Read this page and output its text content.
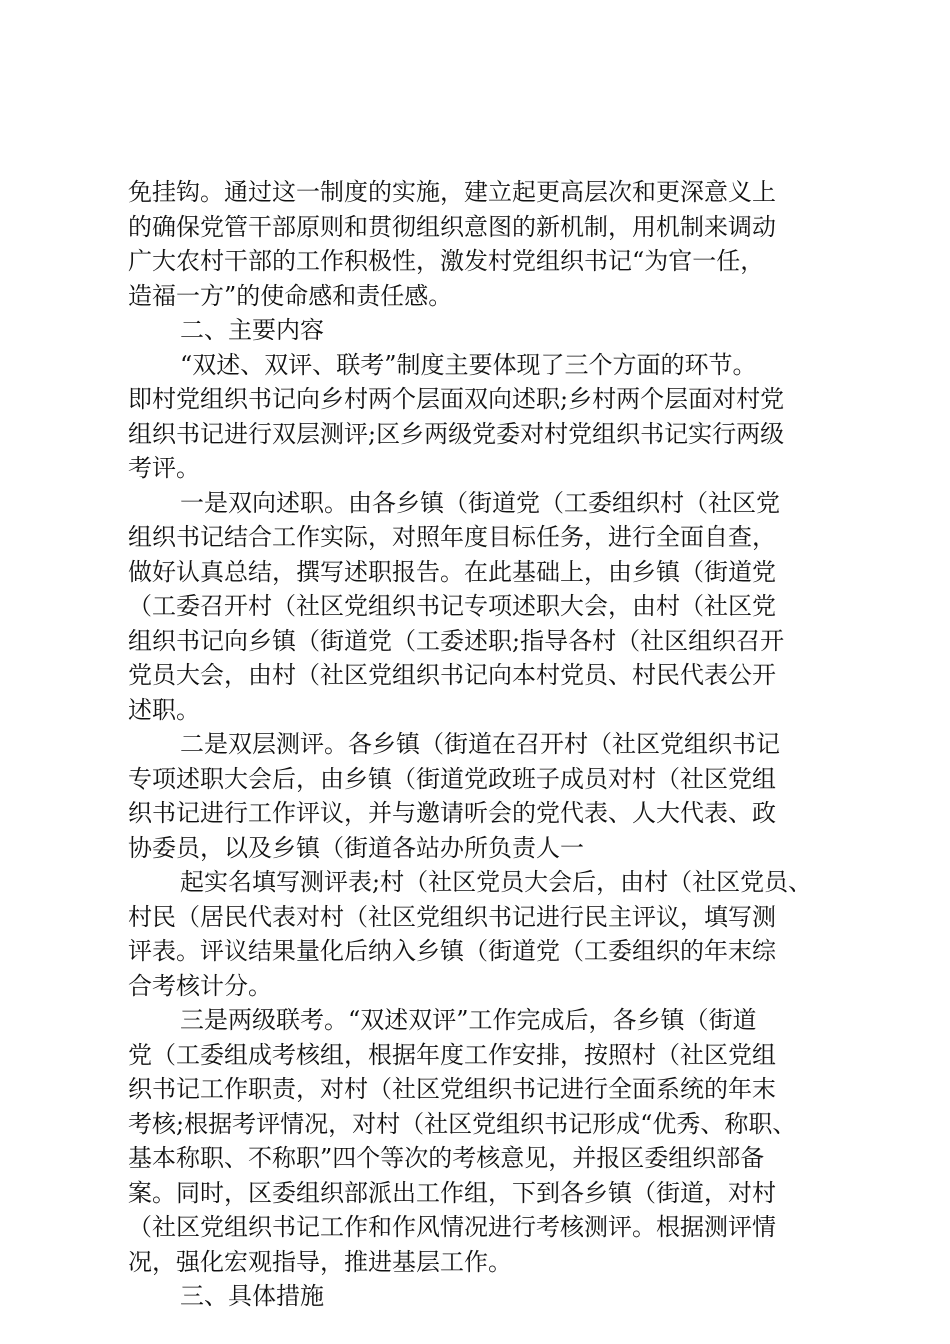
免挂钩。通过这一制度的实施，建立起更高层次和更深意义上
的确保党管干部原则和贯彻组织意图的新机制，用机制来调动
广大农村干部的工作积极性，激发村党组织书记“为官一任，
造福一方”的使命感和责任感。
二、主要内容
“双述、双评、联考”制度主要体现了三个方面的环节。
即村党组织书记向乡村两个层面双向述职;乡村两个层面对村党
组织书记进行双层测评;区乡两级党委对村党组织书记实行两级
考评。
一是双向述职。由各乡镇（街道党（工委组织村（社区党
组织书记结合工作实际，对照年度目标任务，进行全面自查，
做好认真总结，撰写述职报告。在此基础上，由乡镇（街道党
（工委召开村（社区党组织书记专项述职大会，由村（社区党
组织书记向乡镇（街道党（工委述职;指导各村（社区组织召开
党员大会，由村（社区党组织书记向本村党员、村民代表公开
述职。
二是双层测评。各乡镇（街道在召开村（社区党组织书记
专项述职大会后，由乡镇（街道党政班子成员对村（社区党组
织书记进行工作评议，并与邀请听会的党代表、人大代表、政
协委员，以及乡镇（街道各站办所负责人一
起实名填写测评表;村（社区党员大会后，由村（社区党员、
村民（居民代表对村（社区党组织书记进行民主评议，填写测
评表。评议结果量化后纳入乡镇（街道党（工委组织的年末综
合考核计分。
三是两级联考。“双述双评”工作完成后，各乡镇（街道
党（工委组成考核组，根据年度工作安排，按照村（社区党组
织书记工作职责，对村（社区党组织书记进行全面系统的年末
考核;根据考评情况，对村（社区党组织书记形成“优秀、称职、
基本称职、不称职”四个等次的考核意见，并报区委组织部备
案。同时，区委组织部派出工作组，下到各乡镇（街道，对村
（社区党组织书记工作和作风情况进行考核测评。根据测评情
况，强化宏观指导，推进基层工作。
三、具体措施
